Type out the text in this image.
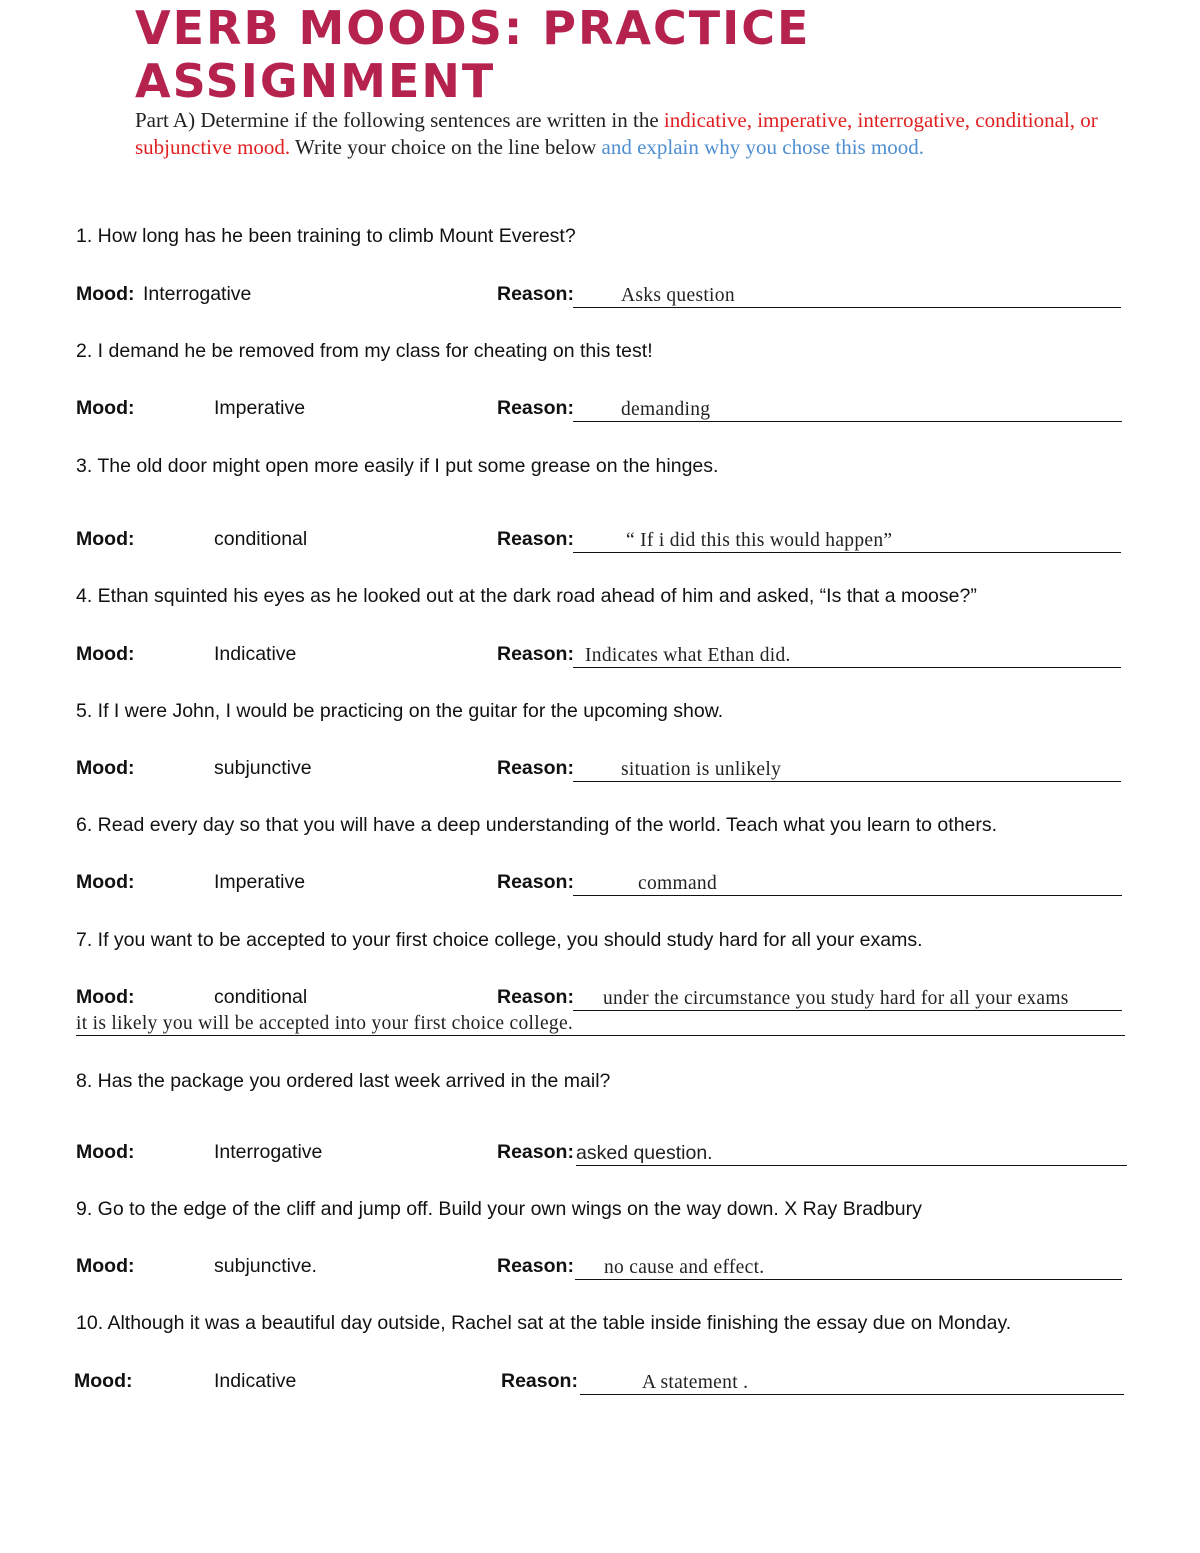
VERB MOODS: PRACTICE ASSIGNMENT
Part A) Determine if the following sentences are written in the indicative, imperative, interrogative, conditional, or subjunctive mood. Write your choice on the line below and explain why you chose this mood.
1. How long has he been training to climb Mount Everest?
Mood: Interrogative	Reason: Asks question
2. I demand he be removed from my class for cheating on this test!
Mood:	Imperative	Reason: demanding
3. The old door might open more easily if I put some grease on the hinges.
Mood:	conditional	Reason:	“ If i did this this would happen”
4. Ethan squinted his eyes as he looked out at the dark road ahead of him and asked, “Is that a moose?”
Mood:	Indicative	Reason: Indicates what Ethan did.
5. If I were John, I would be practicing on the guitar for the upcoming show.
Mood:	subjunctive	Reason: situation is unlikely
6. Read every day so that you will have a deep understanding of the world. Teach what you learn to others.
Mood:	Imperative	Reason:	command
7. If you want to be accepted to your first choice college, you should study hard for all your exams.
Mood:	conditional	Reason: under the circumstance you study hard for all your exams
it is likely you will be accepted into your first choice college.
8. Has the package you ordered last week arrived in the mail?
Mood:	Interrogative	Reason: asked question.
9. Go to the edge of the cliff and jump off. Build your own wings on the way down. X Ray Bradbury
Mood:	subjunctive.	Reason: no cause and effect.
10. Although it was a beautiful day outside, Rachel sat at the table inside finishing the essay due on Monday.
Mood:	Indicative	Reason:	A statement .
